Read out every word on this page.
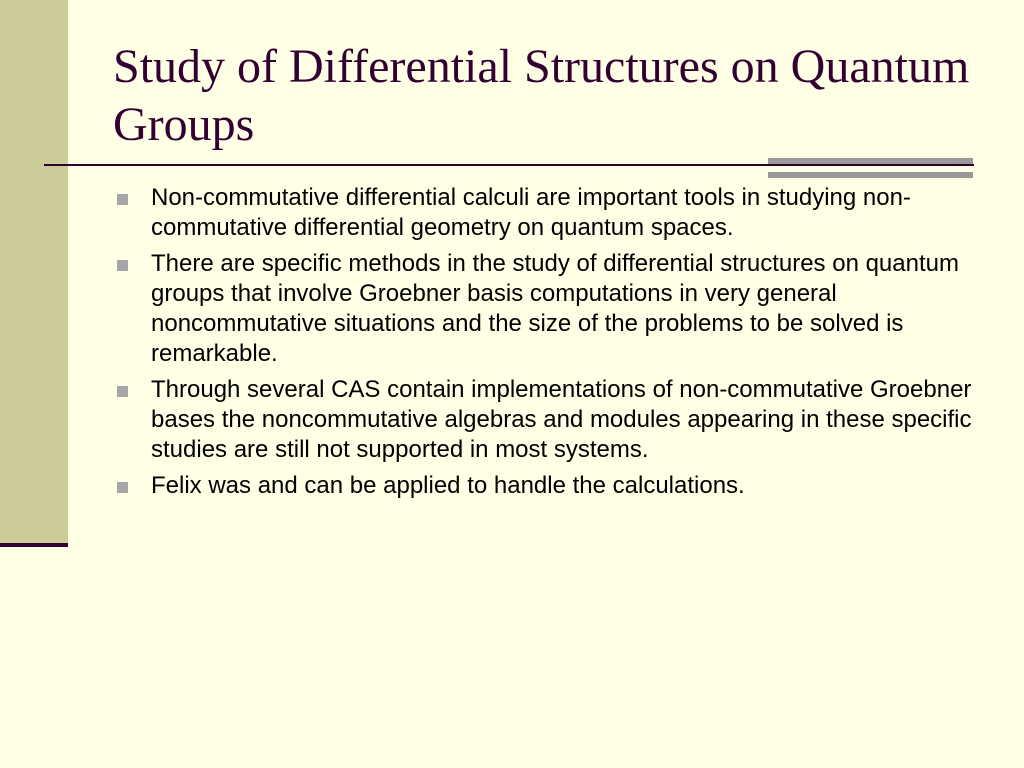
Study of Differential Structures on Quantum Groups
Non-commutative differential calculi are important tools in studying non-commutative differential geometry on quantum spaces.
There are specific methods in the study of differential structures on quantum groups that involve Groebner basis computations in very general noncommutative situations and the size of the problems to be solved is remarkable.
Through several CAS contain implementations of non-commutative Groebner bases the noncommutative algebras and modules appearing in these specific studies are still not supported in most systems.
Felix was and can be applied to handle the calculations.
